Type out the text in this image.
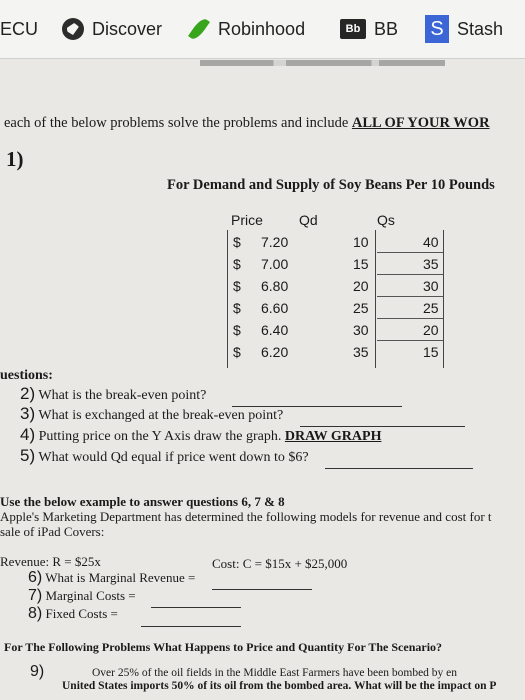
ECU	Discover	Robinhood	Bb BB S Stash
each of the below problems solve the problems and include ALL OF YOUR WOR
1)
For Demand and Supply of Soy Beans Per 10 Pounds
Price	Qd	Qs
$ 7.20	10	40
$ 7.00	15	35
$ 6.80	20	30
$ 6.60	25	25
$ 6.40	30	20
$ 6.20	35	15
uestions:
2) What is the break-even point?
3) What is exchanged at the break-even point?
4) Putting price on the Y Axis draw the graph. DRAW GRAPH
5) What would Qd equal if price went down to $6?
Use the below example to answer questions 6, 7 & 8
Apple's Marketing Department has determined the following models for revenue and cost for t
sale of iPad Covers:
Revenue: R = $25x	Cost: C = $15x + $25,000
6) What is Marginal Revenue =
7) Marginal Costs =
8) Fixed Costs =
For The Following Problems What Happens to Price and Quantity For The Scenario?
9)	Over 25% of the oil fields in the Middle East Farmers have been bombed by en
United States imports 50% of its oil from the bombed area. What will be the impact on P
